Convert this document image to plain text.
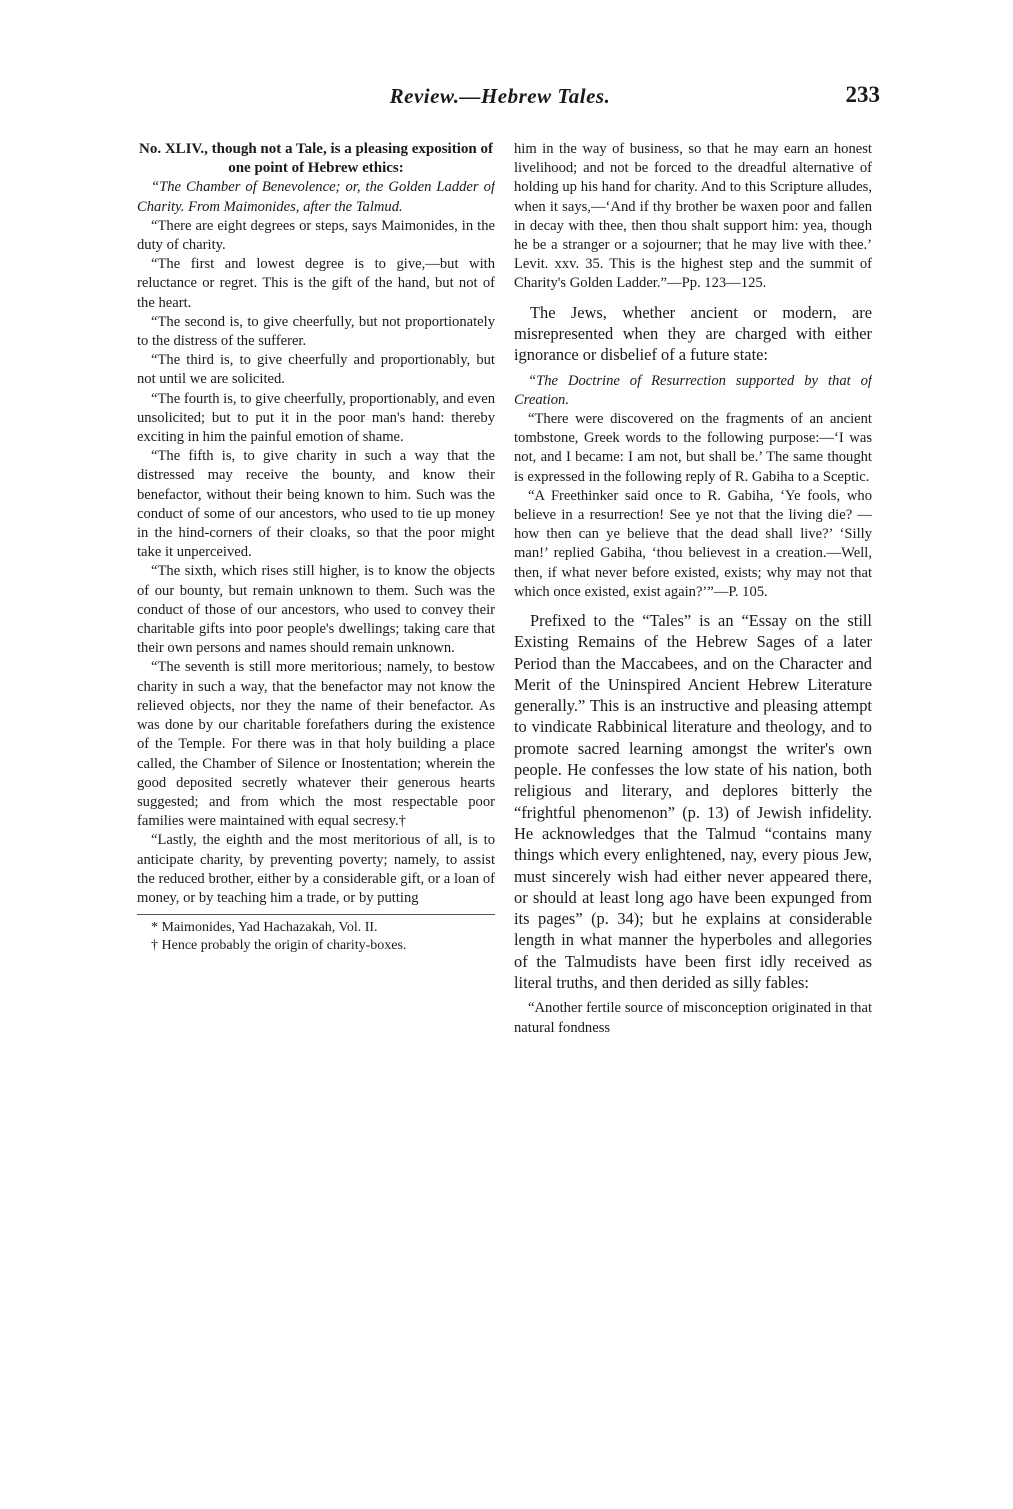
Review.—Hebrew Tales.	233

No. XLIV., though not a Tale, is a pleasing exposition of one point of Hebrew ethics:

“The Chamber of Benevolence; or, the Golden Ladder of Charity. From Maimonides, after the Talmud.

“There are eight degrees or steps, says Maimonides, in the duty of charity.

“The first and lowest degree is to give,—but with reluctance or regret. This is the gift of the hand, but not of the heart.

“The second is, to give cheerfully, but not proportionately to the distress of the sufferer.

“The third is, to give cheerfully and proportionably, but not until we are solicited.

“The fourth is, to give cheerfully, proportionably, and even unsolicited; but to put it in the poor man's hand: thereby exciting in him the painful emotion of shame.

“The fifth is, to give charity in such a way that the distressed may receive the bounty, and know their benefactor, without their being known to him. Such was the conduct of some of our ancestors, who used to tie up money in the hind-corners of their cloaks, so that the poor might take it unperceived.

“The sixth, which rises still higher, is to know the objects of our bounty, but remain unknown to them. Such was the conduct of those of our ancestors, who used to convey their charitable gifts into poor people's dwellings; taking care that their own persons and names should remain unknown.

“The seventh is still more meritorious; namely, to bestow charity in such a way, that the benefactor may not know the relieved objects, nor they the name of their benefactor. As was done by our charitable forefathers during the existence of the Temple. For there was in that holy building a place called, the Chamber of Silence or Inostentation; wherein the good deposited secretly whatever their generous hearts suggested; and from which the most respectable poor families were maintained with equal secresy.†

“Lastly, the eighth and the most meritorious of all, is to anticipate charity, by preventing poverty; namely, to assist the reduced brother, either by a considerable gift, or a loan of money, or by teaching him a trade, or by putting

* Maimonides, Yad Hachazakah, Vol. II.

† Hence probably the origin of charity-boxes.

him in the way of business, so that he may earn an honest livelihood; and not be forced to the dreadful alternative of holding up his hand for charity. And to this Scripture alludes, when it says,—‘And if thy brother be waxen poor and fallen in decay with thee, then thou shalt support him: yea, though he be a stranger or a sojourner; that he may live with thee.’ Levit. xxv. 35. This is the highest step and the summit of Charity's Golden Ladder.”—Pp. 123—125.

The Jews, whether ancient or modern, are misrepresented when they are charged with either ignorance or disbelief of a future state:

“The Doctrine of Resurrection supported by that of Creation.

“There were discovered on the fragments of an ancient tombstone, Greek words to the following purpose:—‘I was not, and I became: I am not, but shall be.’ The same thought is expressed in the following reply of R. Gabiha to a Sceptic.

“A Freethinker said once to R. Gabiha, ‘Ye fools, who believe in a resurrection! See ye not that the living die? —how then can ye believe that the dead shall live?’ ‘Silly man!’ replied Gabiha, ‘thou believest in a creation.—Well, then, if what never before existed, exists; why may not that which once existed, exist again?’”—P. 105.

Prefixed to the “Tales” is an “Essay on the still Existing Remains of the Hebrew Sages of a later Period than the Maccabees, and on the Character and Merit of the Uninspired Ancient Hebrew Literature generally.” This is an instructive and pleasing attempt to vindicate Rabbinical literature and theology, and to promote sacred learning amongst the writer's own people. He confesses the low state of his nation, both religious and literary, and deplores bitterly the “frightful phenomenon” (p. 13) of Jewish infidelity. He acknowledges that the Talmud “contains many things which every enlightened, nay, every pious Jew, must sincerely wish had either never appeared there, or should at least long ago have been expunged from its pages” (p. 34); but he explains at considerable length in what manner the hyperboles and allegories of the Talmudists have been first idly received as literal truths, and then derided as silly fables:

“Another fertile source of misconception originated in that natural fondness
